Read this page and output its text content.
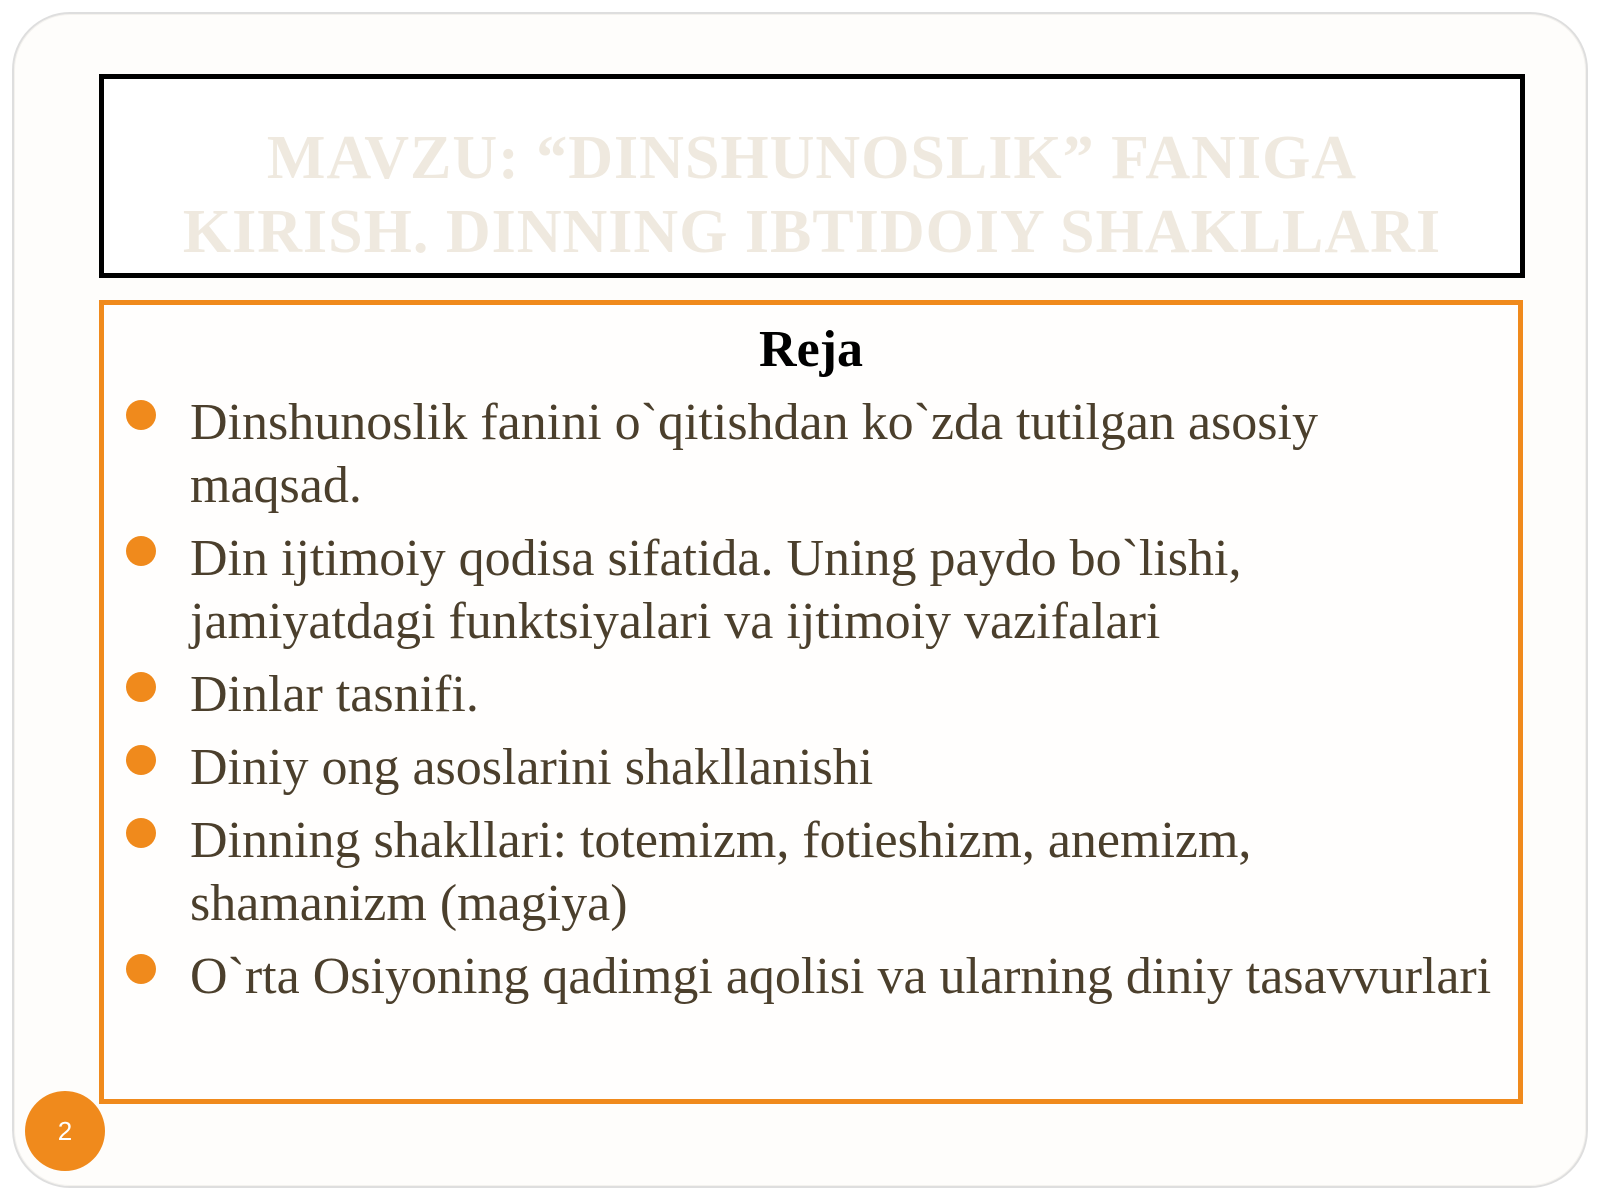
MAVZU: “DINSHUNOSLIK” FANIGA
KIRISH. DINNING IBTIDOIY SHAKLLARI
Reja
Dinshunoslik fanini o`qitishdan ko`zda tutilgan asosiy maqsad.
Din ijtimoiy qodisa sifatida. Uning paydo bo`lishi, jamiyatdagi funktsiyalari va ijtimoiy vazifalari
Dinlar tasnifi.
Diniy ong asoslarini shakllanishi
Dinning shakllari: totemizm, fotieshizm, anemizm, shamanizm (magiya)
O`rta Osiyoning qadimgi aqolisi va ularning diniy tasavvurlari
2
